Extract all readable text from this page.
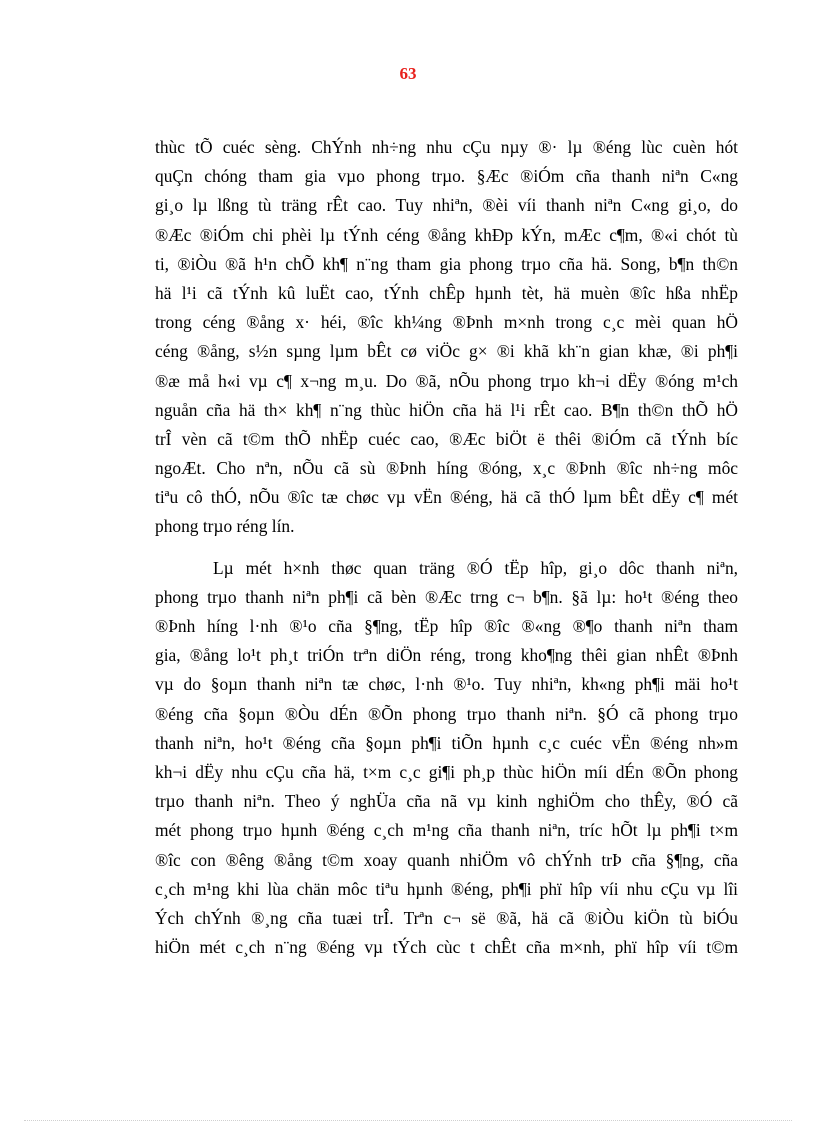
63
thùc tÕ cuéc sèng. ChÝnh nh÷ng nhu cÇu nµy ®· lµ ®éng lùc cuèn hót
quÇn chóng tham gia vµo phong trµo. §Æc ®iÓm cña thanh niªn C«ng
gi¸o lµ lßng tù träng rÊt cao. Tuy nhiªn, ®èi víi thanh niªn C«ng gi¸o, do
®Æc ®iÓm chi phèi lµ tÝnh céng ®ång khÐp kÝn, mÆc c¶m, ®«i chót tù
ti, ®iÒu ®ã h¹n chÕ kh¶ n¨ng tham gia phong trµo cña hä. Song, b¶n th©n
hä l¹i cã tÝnh kû luËt cao, tÝnh chÊp hµnh tèt, hä muèn ®îc hßa nhËp
trong céng ®ång x· héi, ®îc kh¼ng ®Þnh m×nh trong c¸c mèi quan hÖ
céng ®ång, s½n sµng lµm bÊt cø viÖc g× ®i khã kh¨n gian khæ, ®i ph¶i
®æ må h«i vµ c¶ x¬ng m¸u. Do ®ã, nÕu phong trµo kh¬i dËy ®óng m¹ch
nguån cña hä th× kh¶ n¨ng thùc hiÖn cña hä l¹i rÊt cao. B¶n th©n thÕ hÖ
trÎ vèn cã t©m thÕ nhËp cuéc cao, ®Æc biÖt ë thêi ®iÓm cã tÝnh bíc
ngoÆt. Cho nªn, nÕu cã sù ®Þnh híng ®óng, x¸c ®Þnh ®îc nh÷ng môc
tiªu cô thÓ, nÕu ®îc tæ chøc vµ vËn ®éng, hä cã thÓ lµm bÊt dËy c¶ mét
phong trµo réng lín.
Lµ mét h×nh thøc quan träng ®Ó tËp hîp, gi¸o dôc thanh niªn,
phong trµo thanh niªn ph¶i cã bèn ®Æc trng c¬ b¶n. §ã lµ: ho¹t ®éng theo
®Þnh híng l·nh ®¹o cña §¶ng, tËp hîp ®îc ®«ng ®¶o thanh niªn tham
gia, ®ång lo¹t ph¸t triÓn trªn diÖn réng, trong kho¶ng thêi gian nhÊt ®Þnh
vµ do §oµn thanh niªn tæ chøc, l·nh ®¹o. Tuy nhiªn, kh«ng ph¶i mäi ho¹t
®éng cña §oµn ®Òu dÉn ®Õn phong trµo thanh niªn. §Ó cã phong trµo
thanh niªn, ho¹t ®éng cña §oµn ph¶i tiÕn hµnh c¸c cuéc vËn ®éng nh»m
kh¬i dËy nhu cÇu cña hä, t×m c¸c gi¶i ph¸p thùc hiÖn míi dÉn ®Õn phong
trµo thanh niªn. Theo ý nghÜa cña nã vµ kinh nghiÖm cho thÊy, ®Ó cã
mét phong trµo hµnh ®éng c¸ch m¹ng cña thanh niªn, tríc hÕt lµ ph¶i t×m
®îc con ®êng ®ång t©m xoay quanh nhiÖm vô chÝnh trÞ cña §¶ng, cña
c¸ch m¹ng khi lùa chän môc tiªu hµnh ®éng, ph¶i phï hîp víi nhu cÇu vµ lîi
Ých chÝnh ®¸ng cña tuæi trÎ. Trªn c¬ së ®ã, hä cã ®iÒu kiÖn tù biÓu
hiÖn mét c¸ch n¨ng ®éng vµ tÝch cùc t chÊt cña m×nh, phï hîp víi t©m
